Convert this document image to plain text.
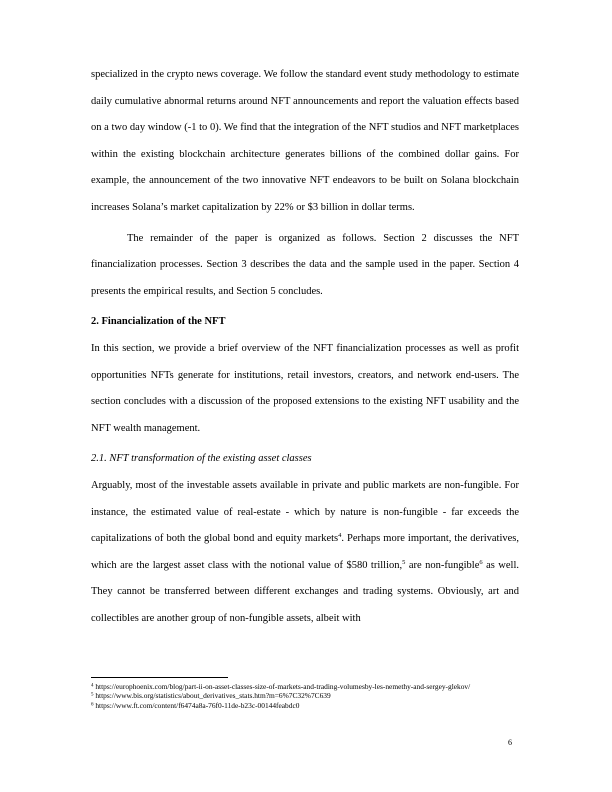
specialized in the crypto news coverage. We follow the standard event study methodology to estimate daily cumulative abnormal returns around NFT announcements and report the valuation effects based on a two day window (-1 to 0). We find that the integration of the NFT studios and NFT marketplaces within the existing blockchain architecture generates billions of the combined dollar gains. For example, the announcement of the two innovative NFT endeavors to be built on Solana blockchain increases Solana’s market capitalization by 22% or $3 billion in dollar terms.

The remainder of the paper is organized as follows. Section 2 discusses the NFT financialization processes. Section 3 describes the data and the sample used in the paper. Section 4 presents the empirical results, and Section 5 concludes.

2. Financialization of the NFT

In this section, we provide a brief overview of the NFT financialization processes as well as profit opportunities NFTs generate for institutions, retail investors, creators, and network end-users. The section concludes with a discussion of the proposed extensions to the existing NFT usability and the NFT wealth management.

2.1. NFT transformation of the existing asset classes

Arguably, most of the investable assets available in private and public markets are non-fungible. For instance, the estimated value of real-estate - which by nature is non-fungible - far exceeds the capitalizations of both the global bond and equity markets$^4$. Perhaps more important, the derivatives, which are the largest asset class with the notional value of $580 trillion,$^5$ are non-fungible$^6$ as well. They cannot be transferred between different exchanges and trading systems. Obviously, art and collectibles are another group of non-fungible assets, albeit with

$^4$ https://europhoenix.com/blog/part-ii-on-asset-classes-size-of-markets-and-trading-volumesby-les-nemethy-and-sergey-glekov/

$^5$ https://www.bis.org/statistics/about_derivatives_stats.htm?m=6%7C32%7C639

$^6$ https://www.ft.com/content/f6474a8a-76f0-11de-b23c-00144feabdc0

6
